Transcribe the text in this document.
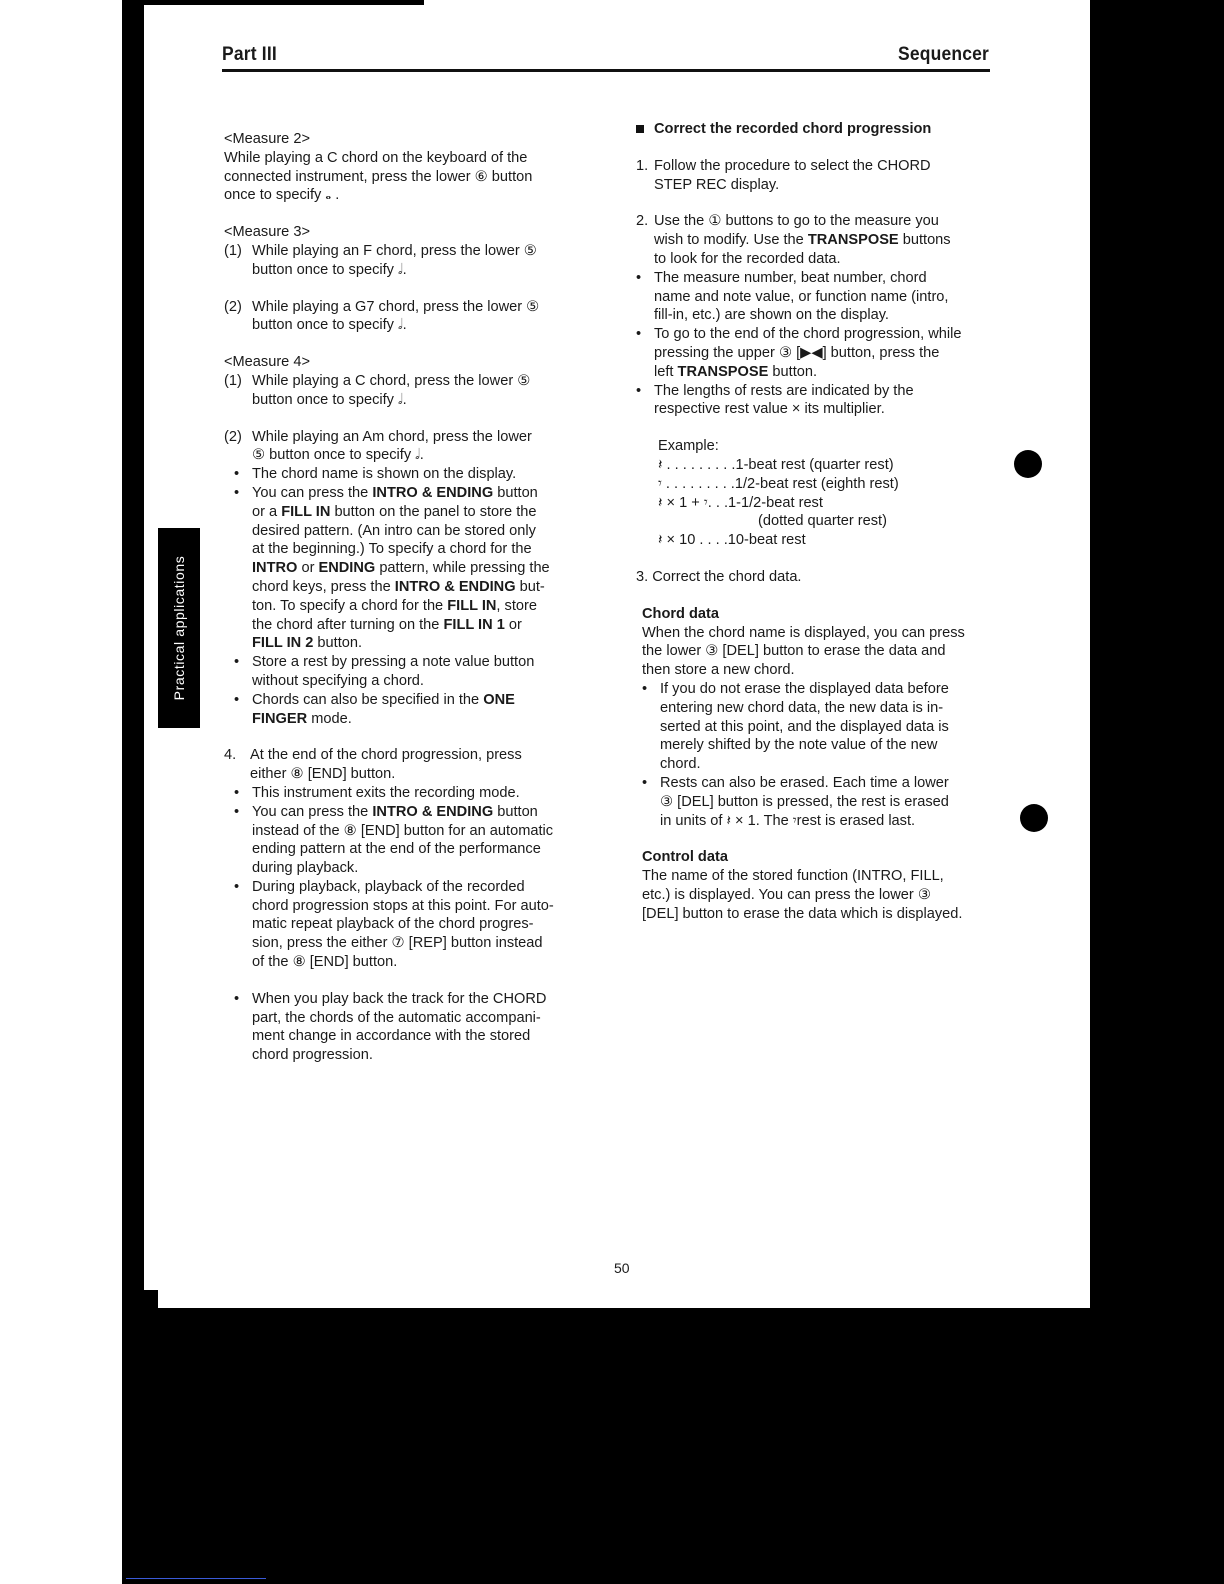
Part III	Sequencer
Practical applications

<Measure 2>

While playing a C chord on the keyboard of the

connected instrument, press the lower ⑥ button

once to specify 𝅝 .

<Measure 3>

(1) While playing an F chord, press the lower ⑤

button once to specify 𝅗𝅥.

(2) While playing a G7 chord, press the lower ⑤

button once to specify 𝅗𝅥.

<Measure 4>

(1) While playing a C chord, press the lower ⑤

button once to specify 𝅗𝅥.

(2) While playing an Am chord, press the lower

⑤ button once to specify 𝅗𝅥.

• The chord name is shown on the display.

• You can press the INTRO & ENDING button

or a FILL IN button on the panel to store the

desired pattern. (An intro can be stored only

at the beginning.) To specify a chord for the

INTRO or ENDING pattern, while pressing the

chord keys, press the INTRO & ENDING but-

ton. To specify a chord for the FILL IN, store

the chord after turning on the FILL IN 1 or

FILL IN 2 button.

• Store a rest by pressing a note value button

without specifying a chord.

• Chords can also be specified in the ONE

FINGER mode.

4. At the end of the chord progression, press

either ⑧ [END] button.

• This instrument exits the recording mode.

• You can press the INTRO & ENDING button

instead of the ⑧ [END] button for an automatic

ending pattern at the end of the performance

during playback.

• During playback, playback of the recorded

chord progression stops at this point. For auto-

matic repeat playback of the chord progres-

sion, press the either ⑦ [REP] button instead

of the ⑧ [END] button.

• When you play back the track for the CHORD

part, the chords of the automatic accompani-

ment change in accordance with the stored

chord progression.

Correct the recorded chord progression

1. Follow the procedure to select the CHORD

STEP REC display.

2. Use the ① buttons to go to the measure you

wish to modify. Use the TRANSPOSE buttons

to look for the recorded data.

• The measure number, beat number, chord

name and note value, or function name (intro,

fill-in, etc.) are shown on the display.

• To go to the end of the chord progression, while

pressing the upper ③ [▶◀] button, press the

left TRANSPOSE button.

• The lengths of rests are indicated by the

respective rest value × its multiplier.

Example:

𝄽 . . . . . . . . .1-beat rest (quarter rest)

𝄾 . . . . . . . . .1/2-beat rest (eighth rest)

𝄽 × 1 + 𝄾. . .1-1/2-beat rest

(dotted quarter rest)

𝄽 × 10 . . . .10-beat rest

3. Correct the chord data.

Chord data

When the chord name is displayed, you can press

the lower ③ [DEL] button to erase the data and

then store a new chord.

• If you do not erase the displayed data before

entering new chord data, the new data is in-

serted at this point, and the displayed data is

merely shifted by the note value of the new

chord.

• Rests can also be erased. Each time a lower

③ [DEL] button is pressed, the rest is erased

in units of 𝄽 × 1. The 𝄾rest is erased last.

Control data

The name of the stored function (INTRO, FILL,

etc.) is displayed. You can press the lower ③

[DEL] button to erase the data which is displayed.

50
